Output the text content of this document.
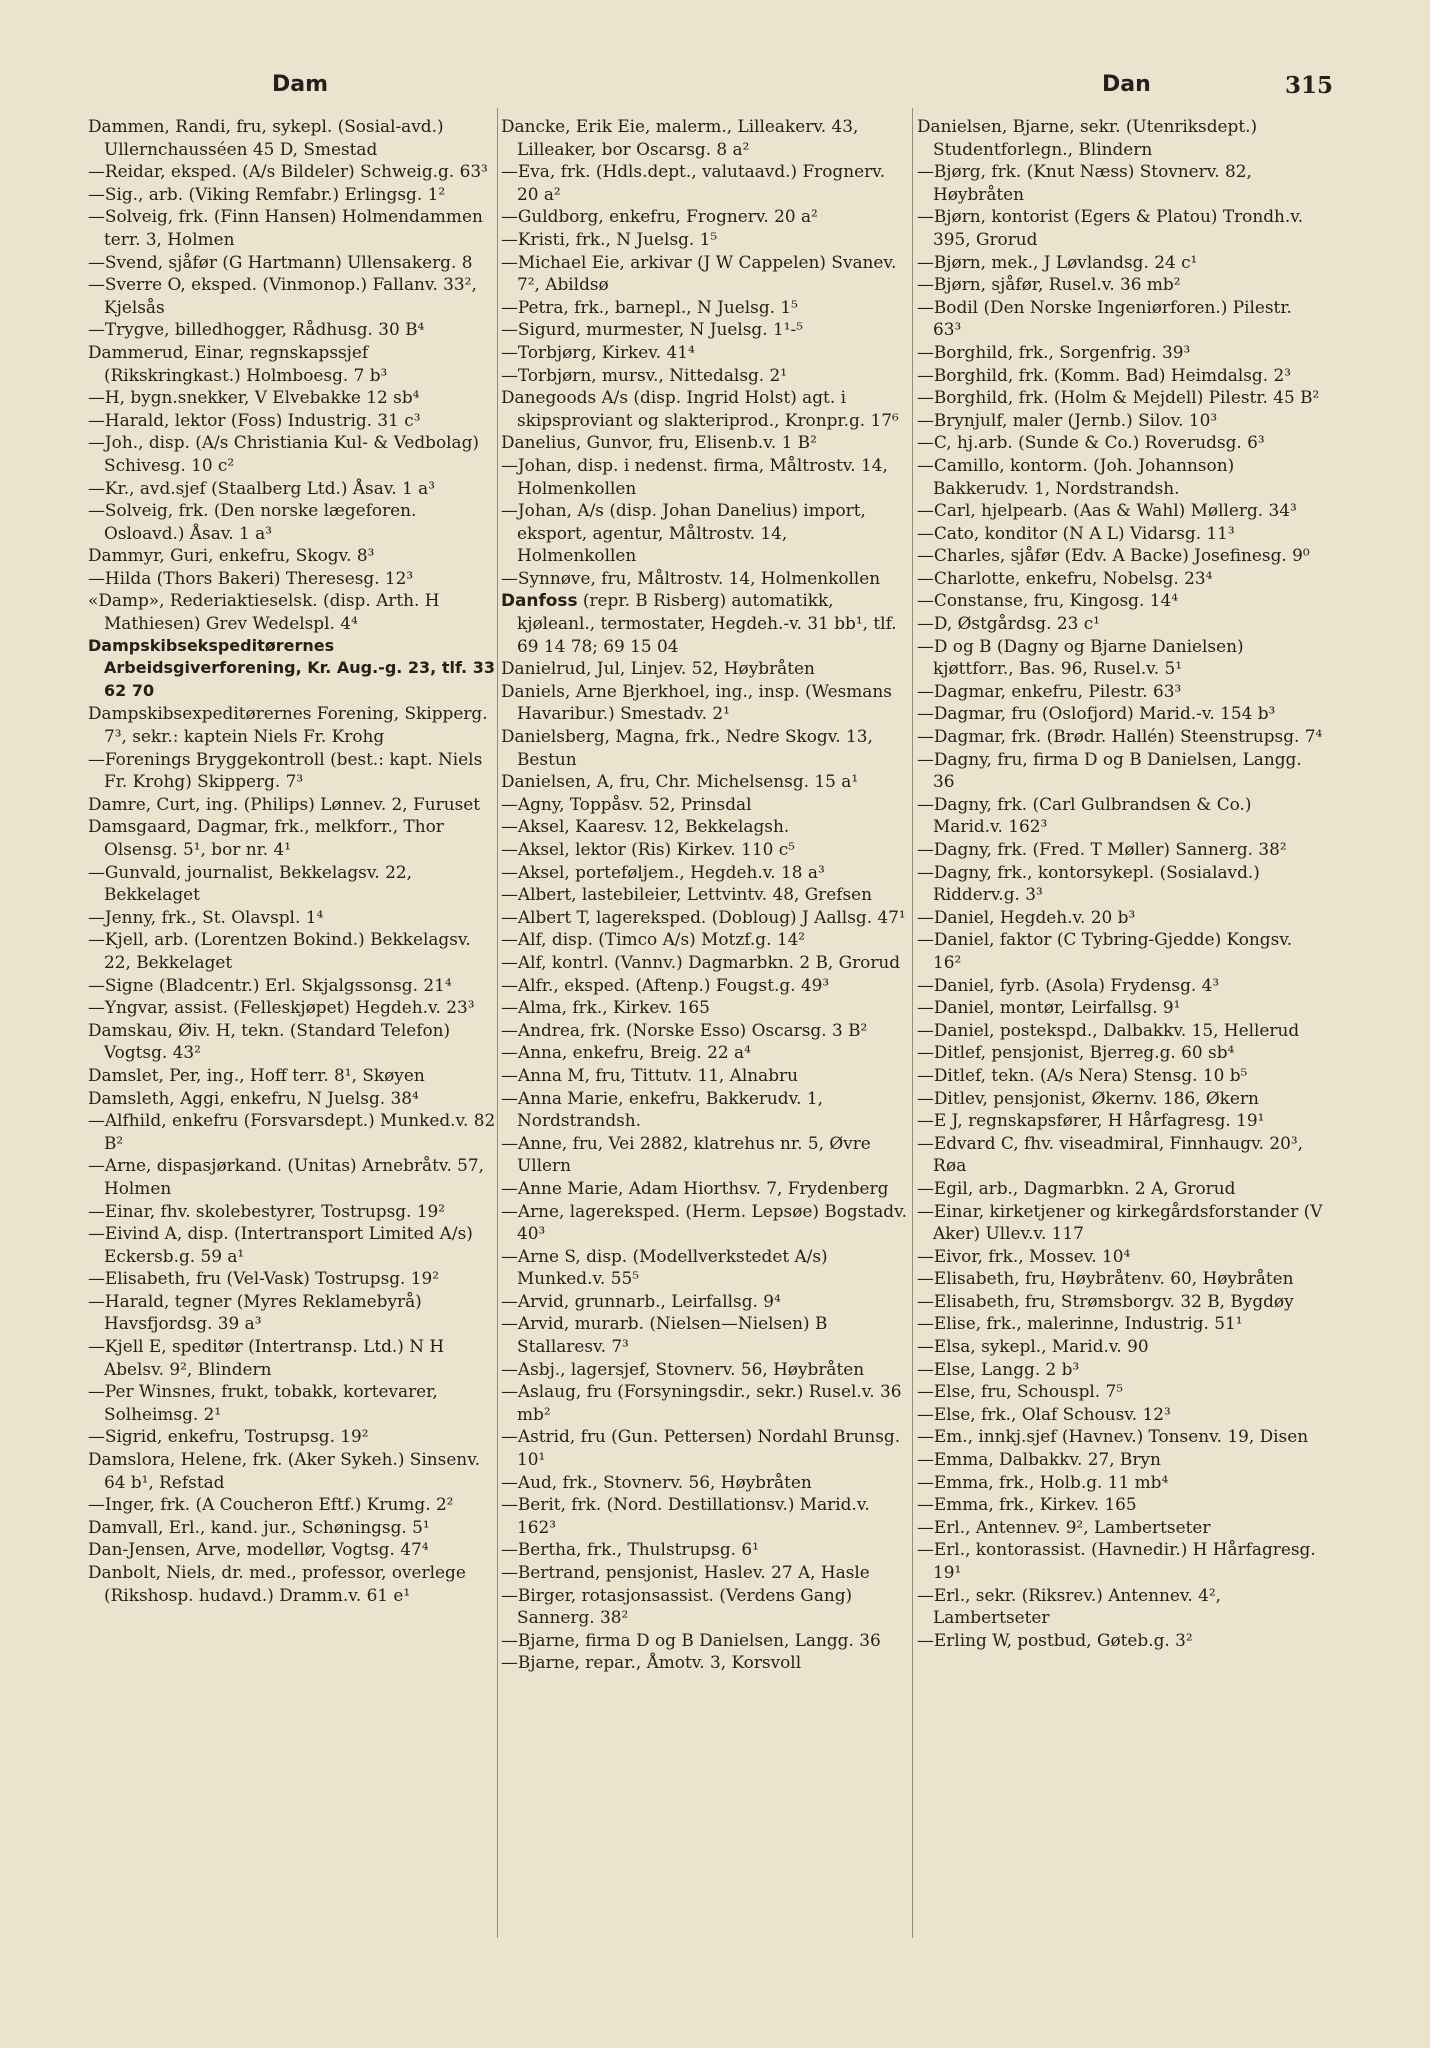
Dam	Dan	315

Dammen, Randi, fru, sykepl. (Sosial-avd.) Ullernchausséen 45 D, Smestad

—Reidar, eksped. (A/s Bildeler) Schweig.g. 63³

—Sig., arb. (Viking Remfabr.) Erlingsg. 1²

—Solveig, frk. (Finn Hansen) Holmendammen terr. 3, Holmen

—Svend, sjåfør (G Hartmann) Ullensakerg. 8

—Sverre O, eksped. (Vinmonop.) Fallanv. 33², Kjelsås

—Trygve, billedhogger, Rådhusg. 30 B⁴

Dammerud, Einar, regnskapssjef (Rikskringkast.) Holmboesg. 7 b³

—H, bygn.snekker, V Elvebakke 12 sb⁴

—Harald, lektor (Foss) Industrig. 31 c³

—Joh., disp. (A/s Christiania Kul- & Vedbolag) Schivesg. 10 c²

—Kr., avd.sjef (Staalberg Ltd.) Åsav. 1 a³

—Solveig, frk. (Den norske lægeforen. Osloavd.) Åsav. 1 a³

Dammyr, Guri, enkefru, Skogv. 8³

—Hilda (Thors Bakeri) Theresesg. 12³

«Damp», Rederiaktieselsk. (disp. Arth. H Mathiesen) Grev Wedelspl. 4⁴

Dampskibsekspeditørernes Arbeidsgiverforening, Kr. Aug.-g. 23, tlf. 33 62 70

Dampskibsexpeditørernes Forening, Skipperg. 7³, sekr.: kaptein Niels Fr. Krohg

—Forenings Bryggekontroll (best.: kapt. Niels Fr. Krohg) Skipperg. 7³

Damre, Curt, ing. (Philips) Lønnev. 2, Furuset

Damsgaard, Dagmar, frk., melkforr., Thor Olsensg. 5¹, bor nr. 4¹

—Gunvald, journalist, Bekkelagsv. 22, Bekkelaget

—Jenny, frk., St. Olavspl. 1⁴

—Kjell, arb. (Lorentzen Bokind.) Bekkelagsv. 22, Bekkelaget

—Signe (Bladcentr.) Erl. Skjalgssonsg. 21⁴

—Yngvar, assist. (Felleskjøpet) Hegdeh.v. 23³

Damskau, Øiv. H, tekn. (Standard Telefon) Vogtsg. 43²

Damslet, Per, ing., Hoff terr. 8¹, Skøyen

Damsleth, Aggi, enkefru, N Juelsg. 38⁴

—Alfhild, enkefru (Forsvarsdept.) Munked.v. 82 B²

—Arne, dispasjørkand. (Unitas) Arnebråtv. 57, Holmen

—Einar, fhv. skolebestyrer, Tostrupsg. 19²

—Eivind A, disp. (Intertransport Limited A/s) Eckersb.g. 59 a¹

—Elisabeth, fru (Vel-Vask) Tostrupsg. 19²

—Harald, tegner (Myres Reklamebyrå) Havsfjordsg. 39 a³

—Kjell E, speditør (Intertransp. Ltd.) N H Abelsv. 9², Blindern

—Per Winsnes, frukt, tobakk, kortevarer, Solheimsg. 2¹

—Sigrid, enkefru, Tostrupsg. 19²

Damslora, Helene, frk. (Aker Sykeh.) Sinsenv. 64 b¹, Refstad

—Inger, frk. (A Coucheron Eftf.) Krumg. 2²

Damvall, Erl., kand. jur., Schøningsg. 5¹

Dan-Jensen, Arve, modellør, Vogtsg. 47⁴

Danbolt, Niels, dr. med., professor, overlege (Rikshosp. hudavd.) Dramm.v. 61 e¹

Dancke, Erik Eie, malerm., Lilleakerv. 43, Lilleaker, bor Oscarsg. 8 a²

—Eva, frk. (Hdls.dept., valutaavd.) Frognerv. 20 a²

—Guldborg, enkefru, Frognerv. 20 a²

—Kristi, frk., N Juelsg. 1⁵

—Michael Eie, arkivar (J W Cappelen) Svanev. 7², Abildsø

—Petra, frk., barnepl., N Juelsg. 1⁵

—Sigurd, murmester, N Juelsg. 1¹-⁵

—Torbjørg, Kirkev. 41⁴

—Torbjørn, mursv., Nittedalsg. 2¹

Danegoods A/s (disp. Ingrid Holst) agt. i skipsproviant og slakteriprod., Kronpr.g. 17⁶

Danelius, Gunvor, fru, Elisenb.v. 1 B²

—Johan, disp. i nedenst. firma, Måltrostv. 14, Holmenkollen

—Johan, A/s (disp. Johan Danelius) import, eksport, agentur, Måltrostv. 14, Holmenkollen

—Synnøve, fru, Måltrostv. 14, Holmenkollen

Danfoss (repr. B Risberg) automatikk, kjøleanl., termostater, Hegdeh.-v. 31 bb¹, tlf. 69 14 78; 69 15 04

Danielrud, Jul, Linjev. 52, Høybråten

Daniels, Arne Bjerkhoel, ing., insp. (Wesmans Havaribur.) Smestadv. 2¹

Danielsberg, Magna, frk., Nedre Skogv. 13, Bestun

Danielsen, A, fru, Chr. Michelsensg. 15 a¹

—Agny, Toppåsv. 52, Prinsdal

—Aksel, Kaaresv. 12, Bekkelagsh.

—Aksel, lektor (Ris) Kirkev. 110 c⁵

—Aksel, porteføljem., Hegdeh.v. 18 a³

—Albert, lastebileier, Lettvintv. 48, Grefsen

—Albert T, lagereksped. (Dobloug) J Aallsg. 47¹

—Alf, disp. (Timco A/s) Motzf.g. 14²

—Alf, kontrl. (Vannv.) Dagmarbkn. 2 B, Grorud

—Alfr., eksped. (Aftenp.) Fougst.g. 49³

—Alma, frk., Kirkev. 165

—Andrea, frk. (Norske Esso) Oscarsg. 3 B²

—Anna, enkefru, Breig. 22 a⁴

—Anna M, fru, Tittutv. 11, Alnabru

—Anna Marie, enkefru, Bakkerudv. 1, Nordstrandsh.

—Anne, fru, Vei 2882, klatrehus nr. 5, Øvre Ullern

—Anne Marie, Adam Hiorthsv. 7, Frydenberg

—Arne, lagereksped. (Herm. Lepsøe) Bogstadv. 40³

—Arne S, disp. (Modellverkstedet A/s) Munked.v. 55⁵

—Arvid, grunnarb., Leirfallsg. 9⁴

—Arvid, murarb. (Nielsen—Nielsen) B Stallaresv. 7³

—Asbj., lagersjef, Stovnerv. 56, Høybråten

—Aslaug, fru (Forsyningsdir., sekr.) Rusel.v. 36 mb²

—Astrid, fru (Gun. Pettersen) Nordahl Brunsg. 10¹

—Aud, frk., Stovnerv. 56, Høybråten

—Berit, frk. (Nord. Destillationsv.) Marid.v. 162³

—Bertha, frk., Thulstrupsg. 6¹

—Bertrand, pensjonist, Haslev. 27 A, Hasle

—Birger, rotasjonsassist. (Verdens Gang) Sannerg. 38²

—Bjarne, firma D og B Danielsen, Langg. 36

—Bjarne, repar., Åmotv. 3, Korsvoll

Danielsen, Bjarne, sekr. (Utenriksdept.) Studentforlegn., Blindern

—Bjørg, frk. (Knut Næss) Stovnerv. 82, Høybråten

—Bjørn, kontorist (Egers & Platou) Trondh.v. 395, Grorud

—Bjørn, mek., J Løvlandsg. 24 c¹

—Bjørn, sjåfør, Rusel.v. 36 mb²

—Bodil (Den Norske Ingeniørforen.) Pilestr. 63³

—Borghild, frk., Sorgenfrig. 39³

—Borghild, frk. (Komm. Bad) Heimdalsg. 2³

—Borghild, frk. (Holm & Mejdell) Pilestr. 45 B²

—Brynjulf, maler (Jernb.) Silov. 10³

—C, hj.arb. (Sunde & Co.) Roverudsg. 6³

—Camillo, kontorm. (Joh. Johannson) Bakkerudv. 1, Nordstrandsh.

—Carl, hjelpearb. (Aas & Wahl) Møllerg. 34³

—Cato, konditor (N A L) Vidarsg. 11³

—Charles, sjåfør (Edv. A Backe) Josefinesg. 9⁰

—Charlotte, enkefru, Nobelsg. 23⁴

—Constanse, fru, Kingosg. 14⁴

—D, Østgårdsg. 23 c¹

—D og B (Dagny og Bjarne Danielsen) kjøttforr., Bas. 96, Rusel.v. 5¹

—Dagmar, enkefru, Pilestr. 63³

—Dagmar, fru (Oslofjord) Marid.-v. 154 b³

—Dagmar, frk. (Brødr. Hallén) Steenstrupsg. 7⁴

—Dagny, fru, firma D og B Danielsen, Langg. 36

—Dagny, frk. (Carl Gulbrandsen & Co.) Marid.v. 162³

—Dagny, frk. (Fred. T Møller) Sannerg. 38²

—Dagny, frk., kontorsykepl. (Sosialavd.) Ridderv.g. 3³

—Daniel, Hegdeh.v. 20 b³

—Daniel, faktor (C Tybring-Gjedde) Kongsv. 16²

—Daniel, fyrb. (Asola) Frydensg. 4³

—Daniel, montør, Leirfallsg. 9¹

—Daniel, postekspd., Dalbakkv. 15, Hellerud

—Ditlef, pensjonist, Bjerreg.g. 60 sb⁴

—Ditlef, tekn. (A/s Nera) Stensg. 10 b⁵

—Ditlev, pensjonist, Økernv. 186, Økern

—E J, regnskapsfører, H Hårfagresg. 19¹

—Edvard C, fhv. viseadmiral, Finnhaugv. 20³, Røa

—Egil, arb., Dagmarbkn. 2 A, Grorud

—Einar, kirketjener og kirkegårdsforstander (V Aker) Ullev.v. 117

—Eivor, frk., Mossev. 10⁴

—Elisabeth, fru, Høybråtenv. 60, Høybråten

—Elisabeth, fru, Strømsborgv. 32 B, Bygdøy

—Elise, frk., malerinne, Industrig. 51¹

—Elsa, sykepl., Marid.v. 90

—Else, Langg. 2 b³

—Else, fru, Schouspl. 7⁵

—Else, frk., Olaf Schousv. 12³

—Em., innkj.sjef (Havnev.) Tonsenv. 19, Disen

—Emma, Dalbakkv. 27, Bryn

—Emma, frk., Holb.g. 11 mb⁴

—Emma, frk., Kirkev. 165

—Erl., Antennev. 9², Lambertseter

—Erl., kontorassist. (Havnedir.) H Hårfagresg. 19¹

—Erl., sekr. (Riksrev.) Antennev. 4², Lambertseter

—Erling W, postbud, Gøteb.g. 3²
